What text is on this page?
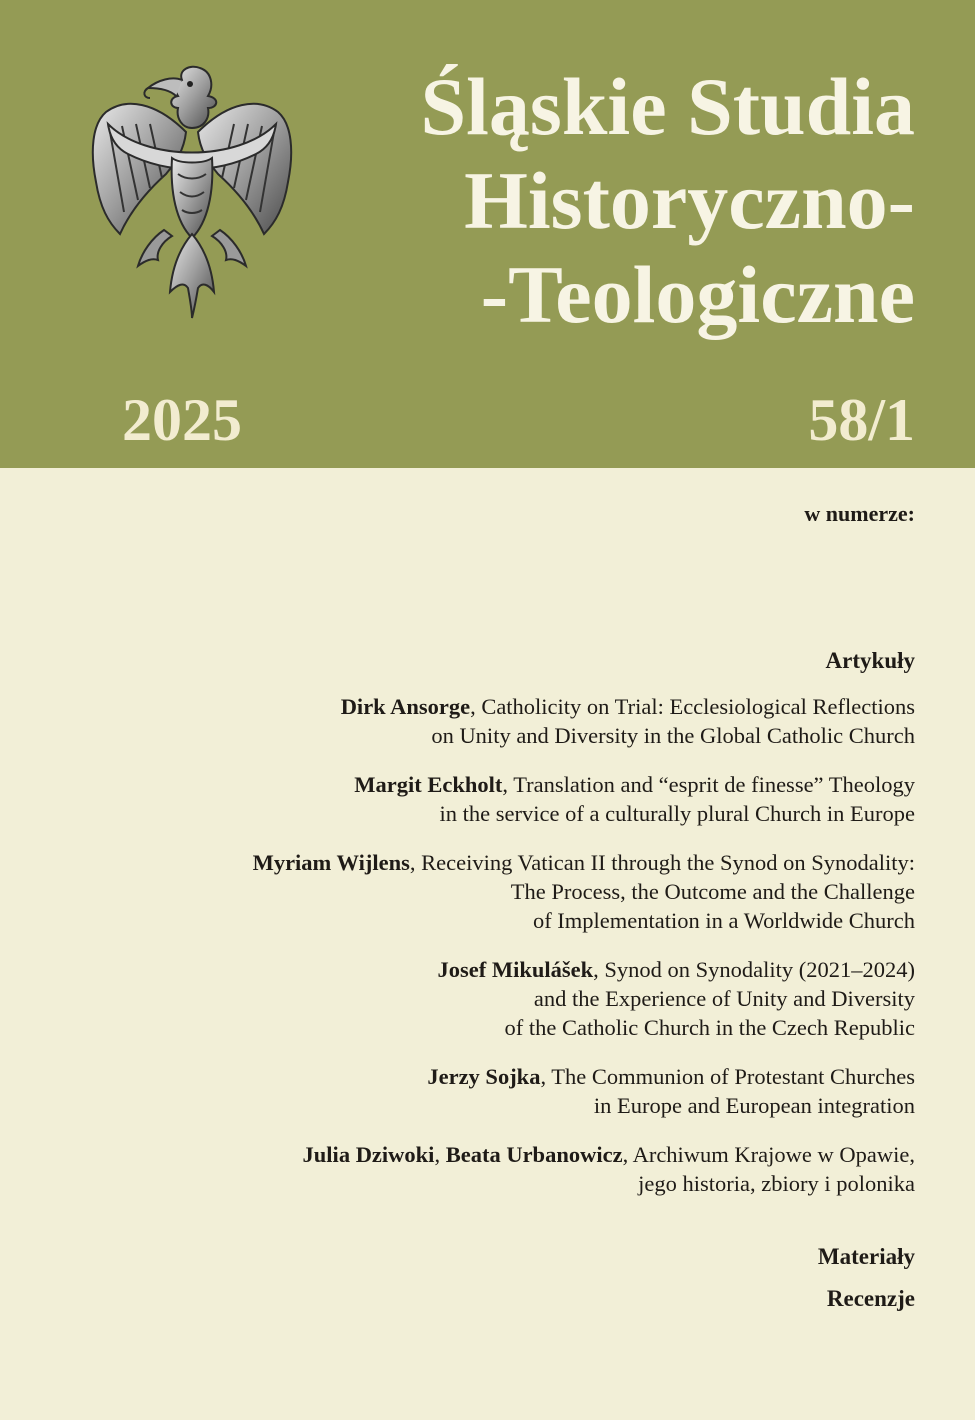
Śląskie Studia
Historyczno-
-Teologiczne
2025	58/1
w numerze:
Artykuły
Dirk Ansorge, Catholicity on Trial: Ecclesiological Reflections
on Unity and Diversity in the Global Catholic Church
Margit Eckholt, Translation and “esprit de finesse” Theology
in the service of a culturally plural Church in Europe
Myriam Wijlens, Receiving Vatican II through the Synod on Synodality:
The Process, the Outcome and the Challenge
of Implementation in a Worldwide Church
Josef Mikulášek, Synod on Synodality (2021–2024)
and the Experience of Unity and Diversity
of the Catholic Church in the Czech Republic
Jerzy Sojka, The Communion of Protestant Churches
in Europe and European integration
Julia Dziwoki, Beata Urbanowicz, Archiwum Krajowe w Opawie,
jego historia, zbiory i polonika
Materiały
Recenzje
